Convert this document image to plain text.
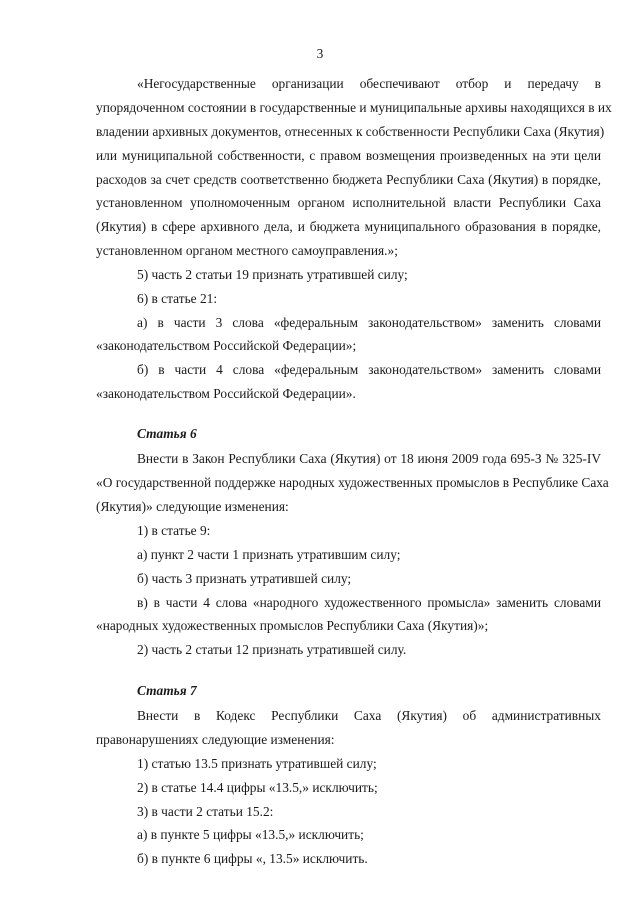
3
«Негосударственные организации обеспечивают отбор и передачу в
упорядоченном состоянии в государственные и муниципальные архивы находящихся в их
владении архивных документов, отнесенных к собственности Республики Саха (Якутия)
или муниципальной собственности, с правом возмещения произведенных на эти цели
расходов за счет средств соответственно бюджета Республики Саха (Якутия) в порядке,
установленном уполномоченным органом исполнительной власти Республики Саха
(Якутия) в сфере архивного дела, и бюджета муниципального образования в порядке,
установленном органом местного самоуправления.»;
5) часть 2 статьи 19 признать утратившей силу;
6) в статье 21:
а) в части 3 слова «федеральным законодательством» заменить словами
«законодательством Российской Федерации»;
б) в части 4 слова «федеральным законодательством» заменить словами
«законодательством Российской Федерации».
Статья 6
Внести в Закон Республики Саха (Якутия) от 18 июня 2009 года 695-З № 325-IV
«О государственной поддержке народных художественных промыслов в Республике Саха
(Якутия)» следующие изменения:
1) в статье 9:
а) пункт 2 части 1 признать утратившим силу;
б) часть 3 признать утратившей силу;
в) в части 4 слова «народного художественного промысла» заменить словами
«народных художественных промыслов Республики Саха (Якутия)»;
2) часть 2 статьи 12 признать утратившей силу.
Статья 7
Внести в Кодекс Республики Саха (Якутия) об административных
правонарушениях следующие изменения:
1) статью 13.5 признать утратившей силу;
2) в статье 14.4 цифры «13.5,» исключить;
3) в части 2 статьи 15.2:
а) в пункте 5 цифры «13.5,» исключить;
б) в пункте 6 цифры «, 13.5» исключить.
